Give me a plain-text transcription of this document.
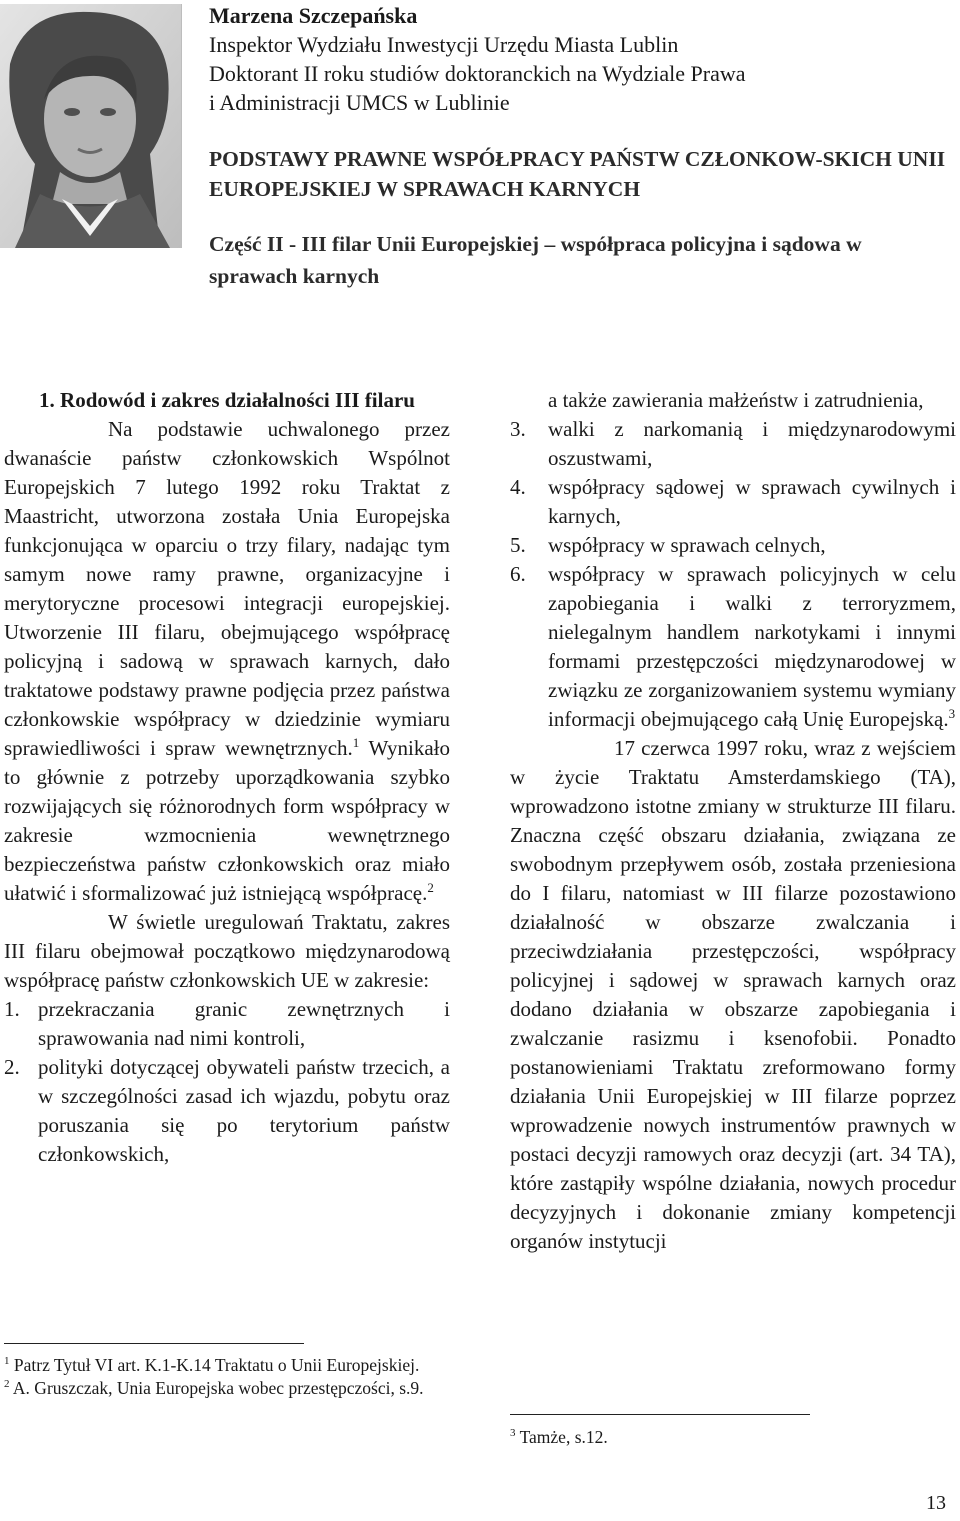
Marzena Szczepańska

Inspektor Wydziału Inwestycji Urzędu Miasta Lublin

Doktorant II roku studiów doktoranckich na Wydziale Prawa

i Administracji UMCS w Lublinie

PODSTAWY PRAWNE WSPÓŁPRACY PAŃSTW CZŁONKOW-SKICH UNII EUROPEJSKIEJ W SPRAWACH KARNYCH
Część II - III filar Unii Europejskiej – współpraca policyjna i sądowa w sprawach karnych

1. Rodowód i zakres działalności III filaru

Na podstawie uchwalonego przez dwanaście państw członkowskich Wspólnot Europejskich 7 lutego 1992 roku Traktat z Maastricht, utworzona została Unia Europejska funkcjonująca w oparciu o trzy filary, nadając tym samym nowe ramy prawne, organizacyjne i merytoryczne procesowi integracji europejskiej. Utworzenie III filaru, obejmującego współpracę policyjną i sadową w sprawach karnych, dało traktatowe podstawy prawne podjęcia przez państwa członkowskie współpracy w dziedzinie wymiaru sprawiedliwości i spraw wewnętrznych.$^1$ Wynikało to głównie z potrzeby uporządkowania szybko rozwijających się różnorodnych form współpracy w zakresie wzmocnienia wewnętrznego bezpieczeństwa państw członkowskich oraz miało ułatwić i sformalizować już istniejącą współpracę.$^2$

W świetle uregulowań Traktatu, zakres III filaru obejmował początkowo międzynarodową współpracę państw członkowskich UE w zakresie:

1. przekraczania granic zewnętrznych i sprawowania nad nimi kontroli,
2. polityki dotyczącej obywateli państw trzecich, a w szczególności zasad ich wjazdu, pobytu oraz poruszania się po terytorium państw członkowskich,

$^1$ Patrz Tytuł VI art. K.1-K.14 Traktatu o Unii Europejskiej.

$^2$ A. Gruszczak, Unia Europejska wobec przestępczości, s.9.

a także zawierania małżeństw i zatrudnienia,

3. walki z narkomanią i międzynarodowymi oszustwami,
4. współpracy sądowej w sprawach cywilnych i karnych,
5. współpracy w sprawach celnych,
6. współpracy w sprawach policyjnych w celu zapobiegania i walki z terroryzmem, nielegalnym handlem narkotykami i innymi formami przestępczości międzynarodowej w związku ze zorganizowaniem systemu wymiany informacji obejmującego całą Unię Europejską.$^3$

17 czerwca 1997 roku, wraz z wejściem w życie Traktatu Amsterdamskiego (TA), wprowadzono istotne zmiany w strukturze III filaru. Znaczna część obszaru działania, związana ze swobodnym przepływem osób, została przeniesiona do I filaru, natomiast w III filarze pozostawiono działalność w obszarze zwalczania i przeciwdziałania przestępczości, współpracy policyjnej i sądowej w sprawach karnych oraz dodano działania w obszarze zapobiegania i zwalczanie rasizmu i ksenofobii. Ponadto postanowieniami Traktatu zreformowano formy działania Unii Europejskiej w III filarze poprzez wprowadzenie nowych instrumentów prawnych w postaci decyzji ramowych oraz decyzji (art. 34 TA), które zastąpiły wspólne działania, nowych procedur decyzyjnych i dokonanie zmiany kompetencji organów instytucji

$^3$ Tamże, s.12.

13
